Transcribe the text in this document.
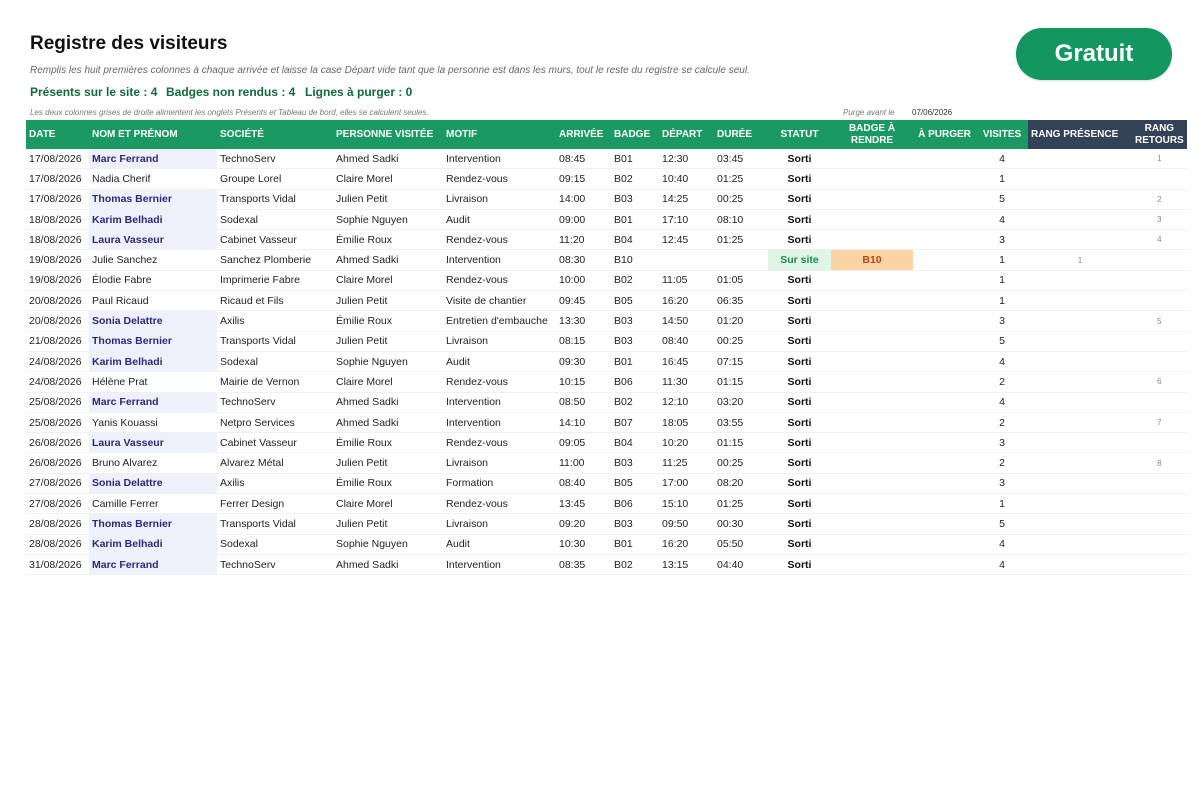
Registre des visiteurs
Remplis les huit premières colonnes à chaque arrivée et laisse la case Départ vide tant que la personne est dans les murs, tout le reste du registre se calcule seul.
Présents sur le site : 4 Badges non rendus : 4 Lignes à purger : 0
Les deux colonnes grises de droite alimentent les onglets Présents et Tableau de bord, elles se calculent seules.	Purge avant le 07/06/2026
Gratuit
DATE	NOM ET PRÉNOM	SOCIÉTÉ	PERSONNE VISITÉE	MOTIF	ARRIVÉE	BADGE	DÉPART	DURÉE	STATUT	BADGE À RENDRE	À PURGER	VISITES	RANG PRÉSENCE	RANG RETOURS
17/08/2026	Marc Ferrand	TechnoServ	Ahmed Sadki	Intervention	08:45	B01	12:30	03:45	Sorti			4		1
17/08/2026	Nadia Cherif	Groupe Lorel	Claire Morel	Rendez-vous	09:15	B02	10:40	01:25	Sorti			1		
17/08/2026	Thomas Bernier	Transports Vidal	Julien Petit	Livraison	14:00	B03	14:25	00:25	Sorti			5		2
18/08/2026	Karim Belhadi	Sodexal	Sophie Nguyen	Audit	09:00	B01	17:10	08:10	Sorti			4		3
18/08/2026	Laura Vasseur	Cabinet Vasseur	Émilie Roux	Rendez-vous	11:20	B04	12:45	01:25	Sorti			3		4
19/08/2026	Julie Sanchez	Sanchez Plomberie	Ahmed Sadki	Intervention	08:30	B10			Sur site	B10		1	1	
19/08/2026	Élodie Fabre	Imprimerie Fabre	Claire Morel	Rendez-vous	10:00	B02	11:05	01:05	Sorti			1		
20/08/2026	Paul Ricaud	Ricaud et Fils	Julien Petit	Visite de chantier	09:45	B05	16:20	06:35	Sorti			1		
20/08/2026	Sonia Delattre	Axilis	Émilie Roux	Entretien d'embauche	13:30	B03	14:50	01:20	Sorti			3		5
21/08/2026	Thomas Bernier	Transports Vidal	Julien Petit	Livraison	08:15	B03	08:40	00:25	Sorti			5		
24/08/2026	Karim Belhadi	Sodexal	Sophie Nguyen	Audit	09:30	B01	16:45	07:15	Sorti			4		
24/08/2026	Hélène Prat	Mairie de Vernon	Claire Morel	Rendez-vous	10:15	B06	11:30	01:15	Sorti			2		6
25/08/2026	Marc Ferrand	TechnoServ	Ahmed Sadki	Intervention	08:50	B02	12:10	03:20	Sorti			4		
25/08/2026	Yanis Kouassi	Netpro Services	Ahmed Sadki	Intervention	14:10	B07	18:05	03:55	Sorti			2		7
26/08/2026	Laura Vasseur	Cabinet Vasseur	Émilie Roux	Rendez-vous	09:05	B04	10:20	01:15	Sorti			3		
26/08/2026	Bruno Alvarez	Alvarez Métal	Julien Petit	Livraison	11:00	B03	11:25	00:25	Sorti			2		8
27/08/2026	Sonia Delattre	Axilis	Émilie Roux	Formation	08:40	B05	17:00	08:20	Sorti			3		
27/08/2026	Camille Ferrer	Ferrer Design	Claire Morel	Rendez-vous	13:45	B06	15:10	01:25	Sorti			1		
28/08/2026	Thomas Bernier	Transports Vidal	Julien Petit	Livraison	09:20	B03	09:50	00:30	Sorti			5		
28/08/2026	Karim Belhadi	Sodexal	Sophie Nguyen	Audit	10:30	B01	16:20	05:50	Sorti			4		
31/08/2026	Marc Ferrand	TechnoServ	Ahmed Sadki	Intervention	08:35	B02	13:15	04:40	Sorti			4		
